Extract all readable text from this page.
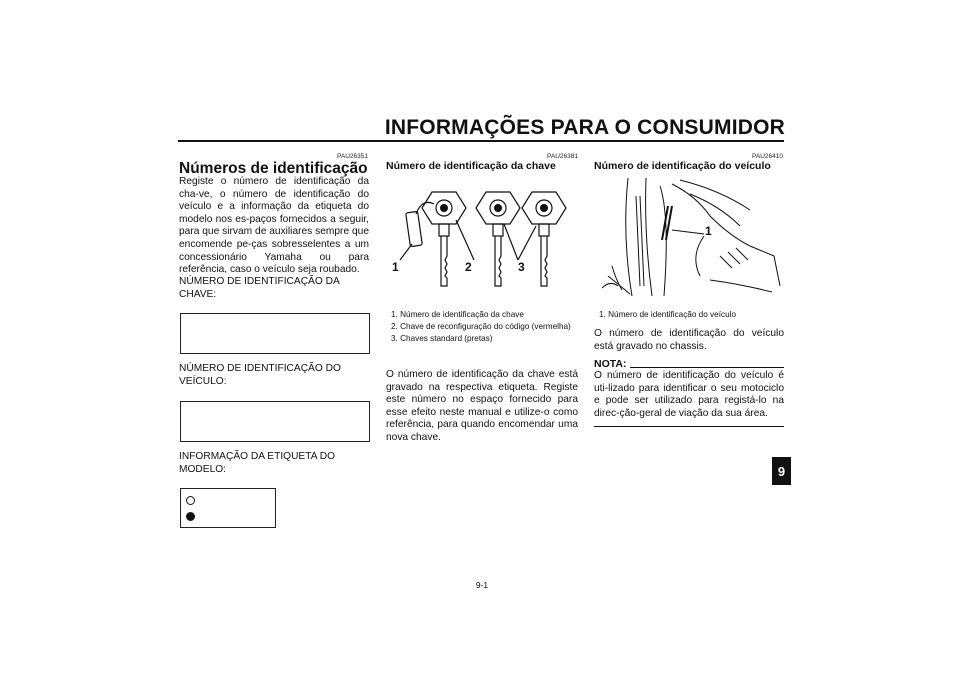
INFORMAÇÕES PARA O CONSUMIDOR
PAU26351
Números de identificação
Registe o número de identificação da cha-ve, o número de identificação do veículo e a informação da etiqueta do modelo nos es-paços fornecidos a seguir, para que sirvam de auxiliares sempre que encomende pe-ças sobresselentes a um concessionário Yamaha ou para referência, caso o veículo seja roubado.
NÚMERO DE IDENTIFICAÇÃO DA
CHAVE:
NÚMERO DE IDENTIFICAÇÃO DO
VEÍCULO:
INFORMAÇÃO DA ETIQUETA DO
MODELO:
PAU26381
Número de identificação da chave
1	2	3
1. Número de identificação da chave
2. Chave de reconfiguração do código (vermelha)
3. Chaves standard (pretas)
O número de identificação da chave está gravado na respectiva etiqueta. Registe este número no espaço fornecido para esse efeito neste manual e utilize-o como referência, para quando encomendar uma nova chave.
PAU26410
Número de identificação do veículo
1
1. Número de identificação do veículo
O número de identificação do veículo está gravado no chassis.
NOTA:
O número de identificação do veículo é uti-lizado para identificar o seu motociclo e pode ser utilizado para registá-lo na direc-ção-geral de viação da sua área.
9
9-1
